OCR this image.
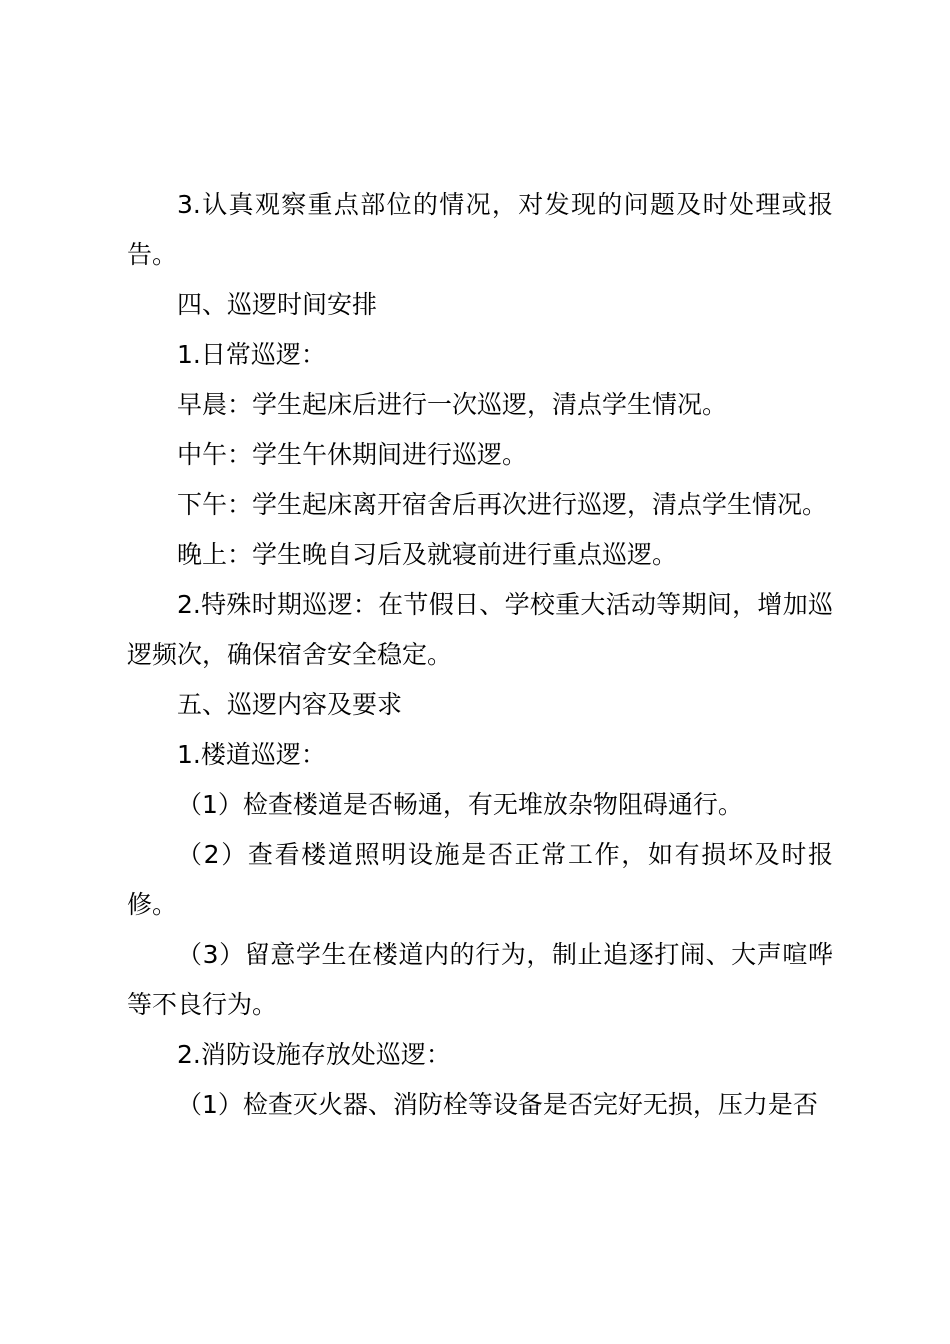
3.认真观察重点部位的情况，对发现的问题及时处理或报告。

四、巡逻时间安排

1.日常巡逻：

早晨：学生起床后进行一次巡逻，清点学生情况。

中午：学生午休期间进行巡逻。

下午：学生起床离开宿舍后再次进行巡逻，清点学生情况。

晚上：学生晚自习后及就寝前进行重点巡逻。

2.特殊时期巡逻：在节假日、学校重大活动等期间，增加巡逻频次，确保宿舍安全稳定。

五、巡逻内容及要求

1.楼道巡逻：

（1）检查楼道是否畅通，有无堆放杂物阻碍通行。

（2）查看楼道照明设施是否正常工作，如有损坏及时报修。

（3）留意学生在楼道内的行为，制止追逐打闹、大声喧哗等不良行为。

2.消防设施存放处巡逻：

（1）检查灭火器、消防栓等设备是否完好无损，压力是否
